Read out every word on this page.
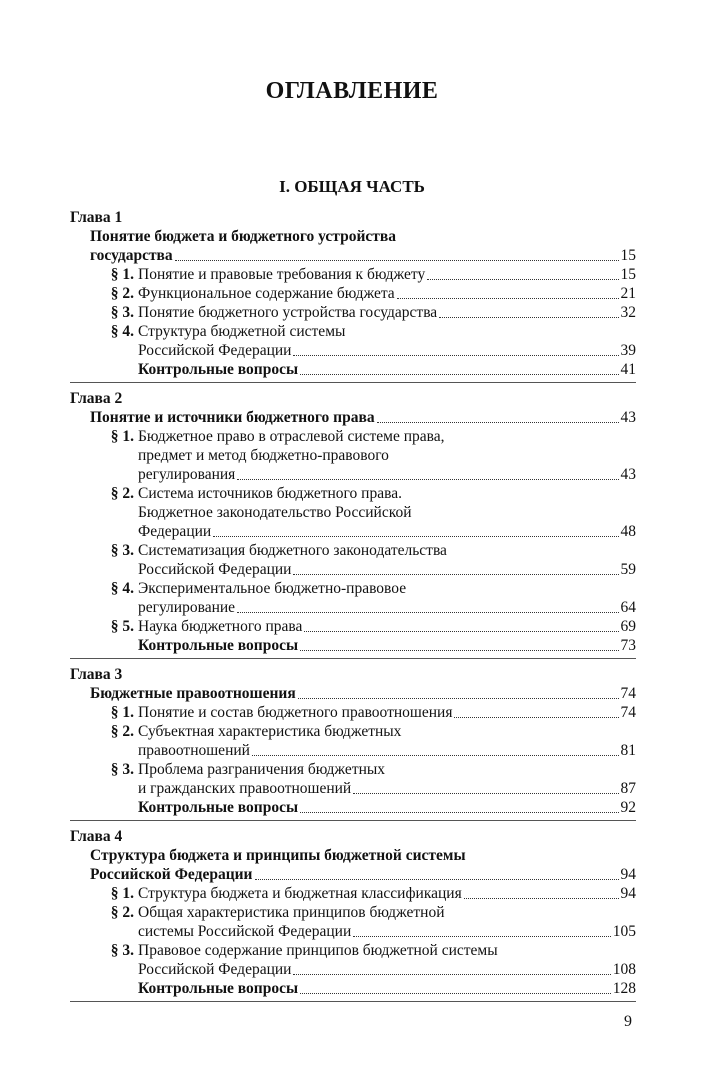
ОГЛАВЛЕНИЕ
I. ОБЩАЯ ЧАСТЬ
Глава 1
Понятие бюджета и бюджетного устройства
государства	15
§ 1. Понятие и правовые требования к бюджету	15
§ 2. Функциональное содержание бюджета	21
§ 3. Понятие бюджетного устройства государства	32
§ 4. Структура бюджетной системы
Российской Федерации	39
Контрольные вопросы	41
Глава 2
Понятие и источники бюджетного права	43
§ 1. Бюджетное право в отраслевой системе права,
предмет и метод бюджетно-правового
регулирования	43
§ 2. Система источников бюджетного права.
Бюджетное законодательство Российской
Федерации	48
§ 3. Систематизация бюджетного законодательства
Российской Федерации	59
§ 4. Экспериментальное бюджетно-правовое
регулирование	64
§ 5. Наука бюджетного права	69
Контрольные вопросы	73
Глава 3
Бюджетные правоотношения	74
§ 1. Понятие и состав бюджетного правоотношения	74
§ 2. Субъектная характеристика бюджетных
правоотношений	81
§ 3. Проблема разграничения бюджетных
и гражданских правоотношений	87
Контрольные вопросы	92
Глава 4
Структура бюджета и принципы бюджетной системы
Российской Федерации	94
§ 1. Структура бюджета и бюджетная классификация	94
§ 2. Общая характеристика принципов бюджетной
системы Российской Федерации	105
§ 3. Правовое содержание принципов бюджетной системы
Российской Федерации	108
Контрольные вопросы	128
9
